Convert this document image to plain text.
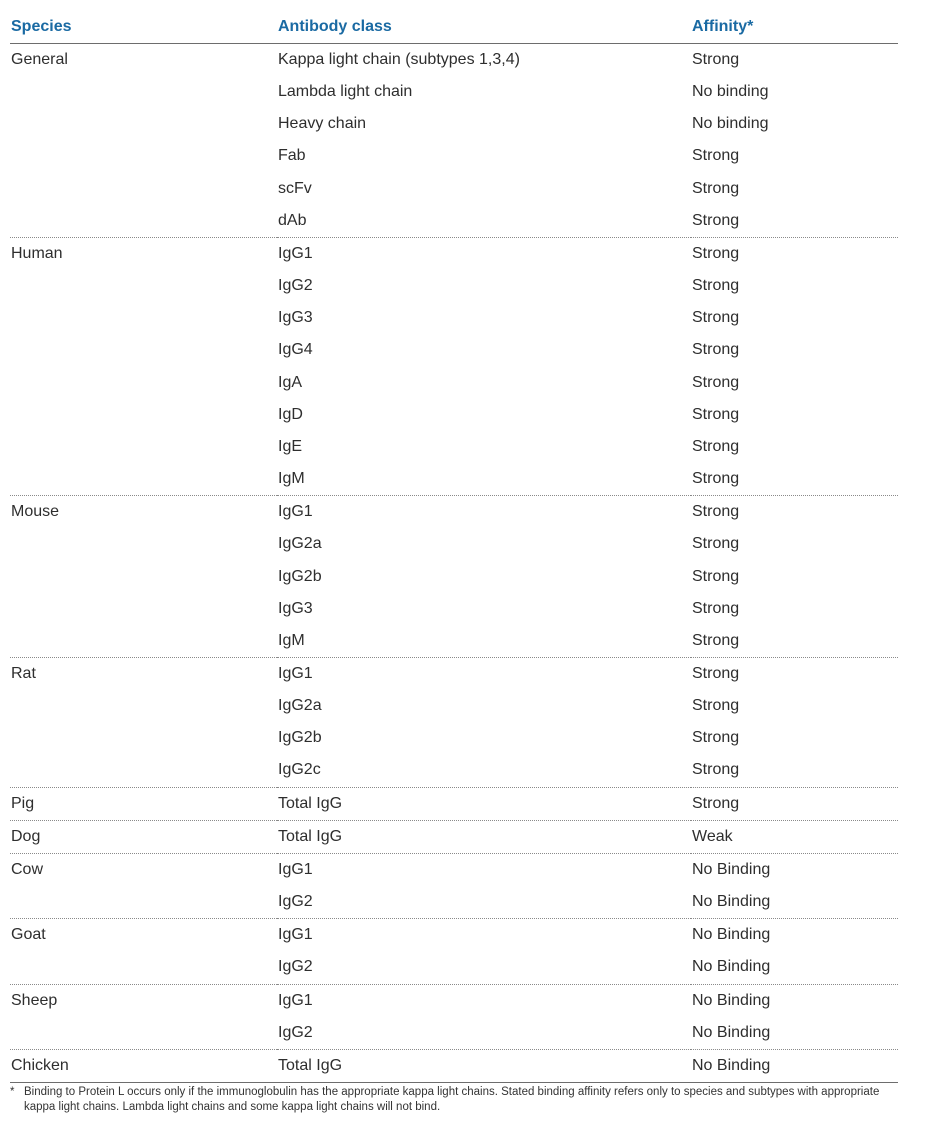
Species	Antibody class	Affinity*
General	Kappa light chain (subtypes 1,3,4)	Strong
	Lambda light chain	No binding
	Heavy chain	No binding
	Fab	Strong
	scFv	Strong
	dAb	Strong
Human	IgG1	Strong
	IgG2	Strong
	IgG3	Strong
	IgG4	Strong
	IgA	Strong
	IgD	Strong
	IgE	Strong
	IgM	Strong
Mouse	IgG1	Strong
	IgG2a	Strong
	IgG2b	Strong
	IgG3	Strong
	IgM	Strong
Rat	IgG1	Strong
	IgG2a	Strong
	IgG2b	Strong
	IgG2c	Strong
Pig	Total IgG	Strong
Dog	Total IgG	Weak
Cow	IgG1	No Binding
	IgG2	No Binding
Goat	IgG1	No Binding
	IgG2	No Binding
Sheep	IgG1	No Binding
	IgG2	No Binding
Chicken	Total IgG	No Binding
* Binding to Protein L occurs only if the immunoglobulin has the appropriate kappa light chains. Stated binding affinity refers only to species and subtypes with appropriate kappa light chains. Lambda light chains and some kappa light chains will not bind.
